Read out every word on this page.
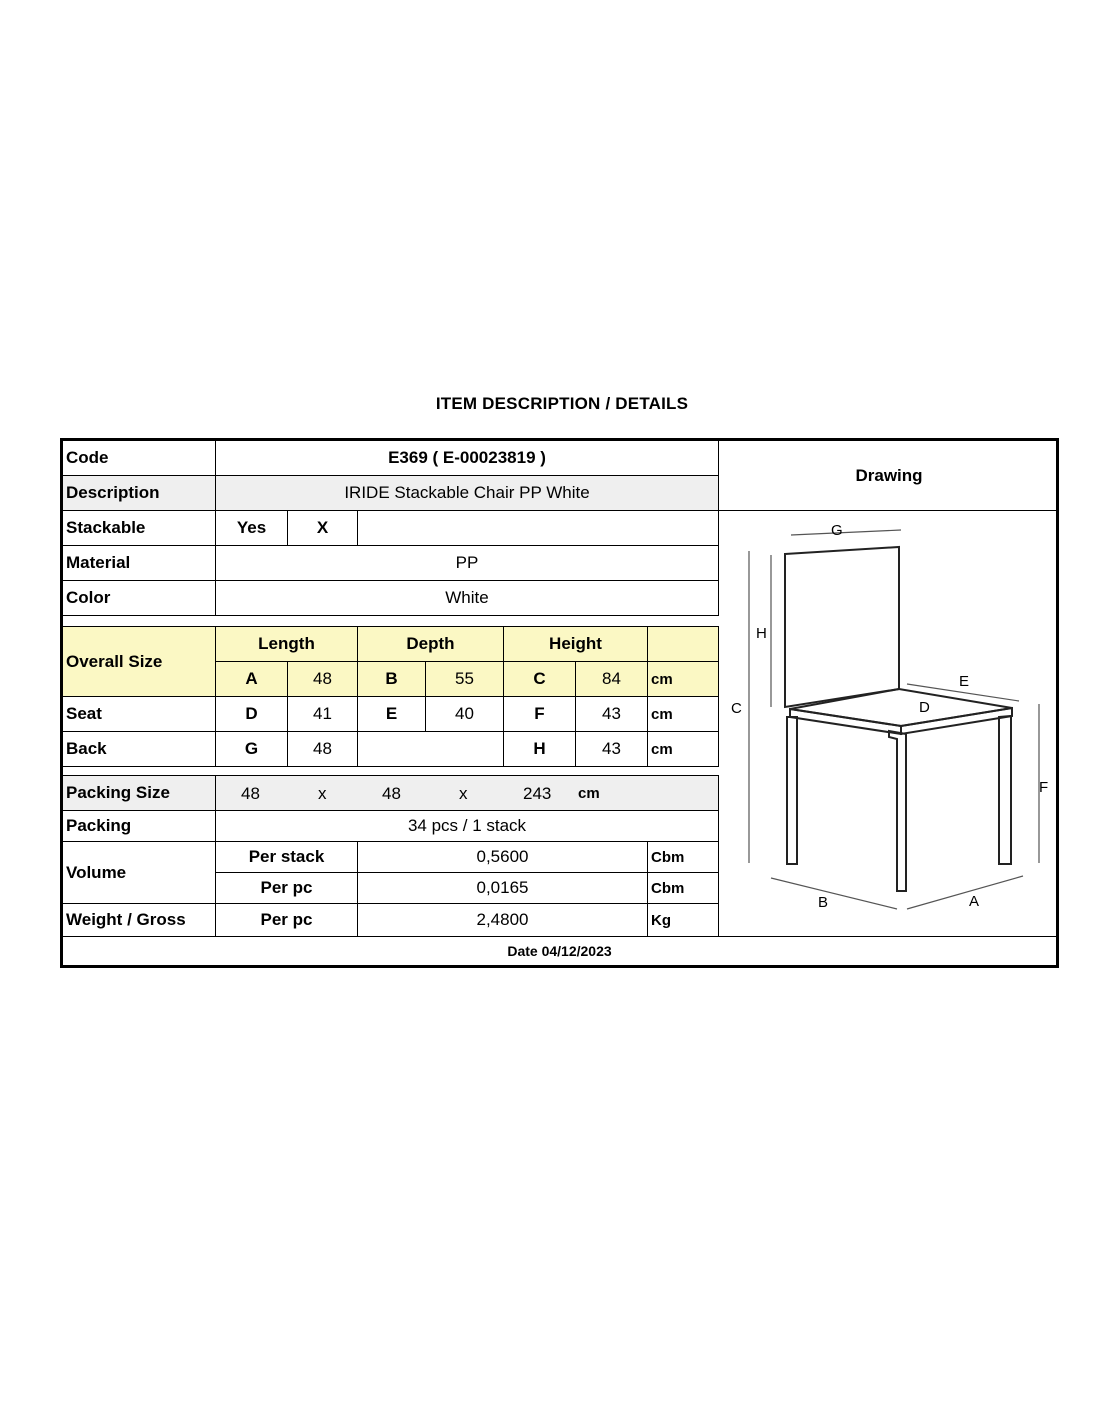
ITEM DESCRIPTION / DETAILS
Code	E369 ( E-00023819 )
Description	IRIDE Stackable Chair PP White
Stackable	Yes	X
Material	PP
Color	White
Overall Size
Length	Depth	Height
A	48	B	55	C	84	cm
Seat	D	41	E	40	F	43	cm
Back	G	48	H	43	cm
Packing Size	48	x	48	x	243 cm
Packing	34 pcs / 1 stack
Volume
Per stack	0,5600	Cbm
Per pc	0,0165	Cbm
Weight / Gross	Per pc	2,4800	Kg
Drawing
G
H
C
E
D
F
B	A
Date 04/12/2023
